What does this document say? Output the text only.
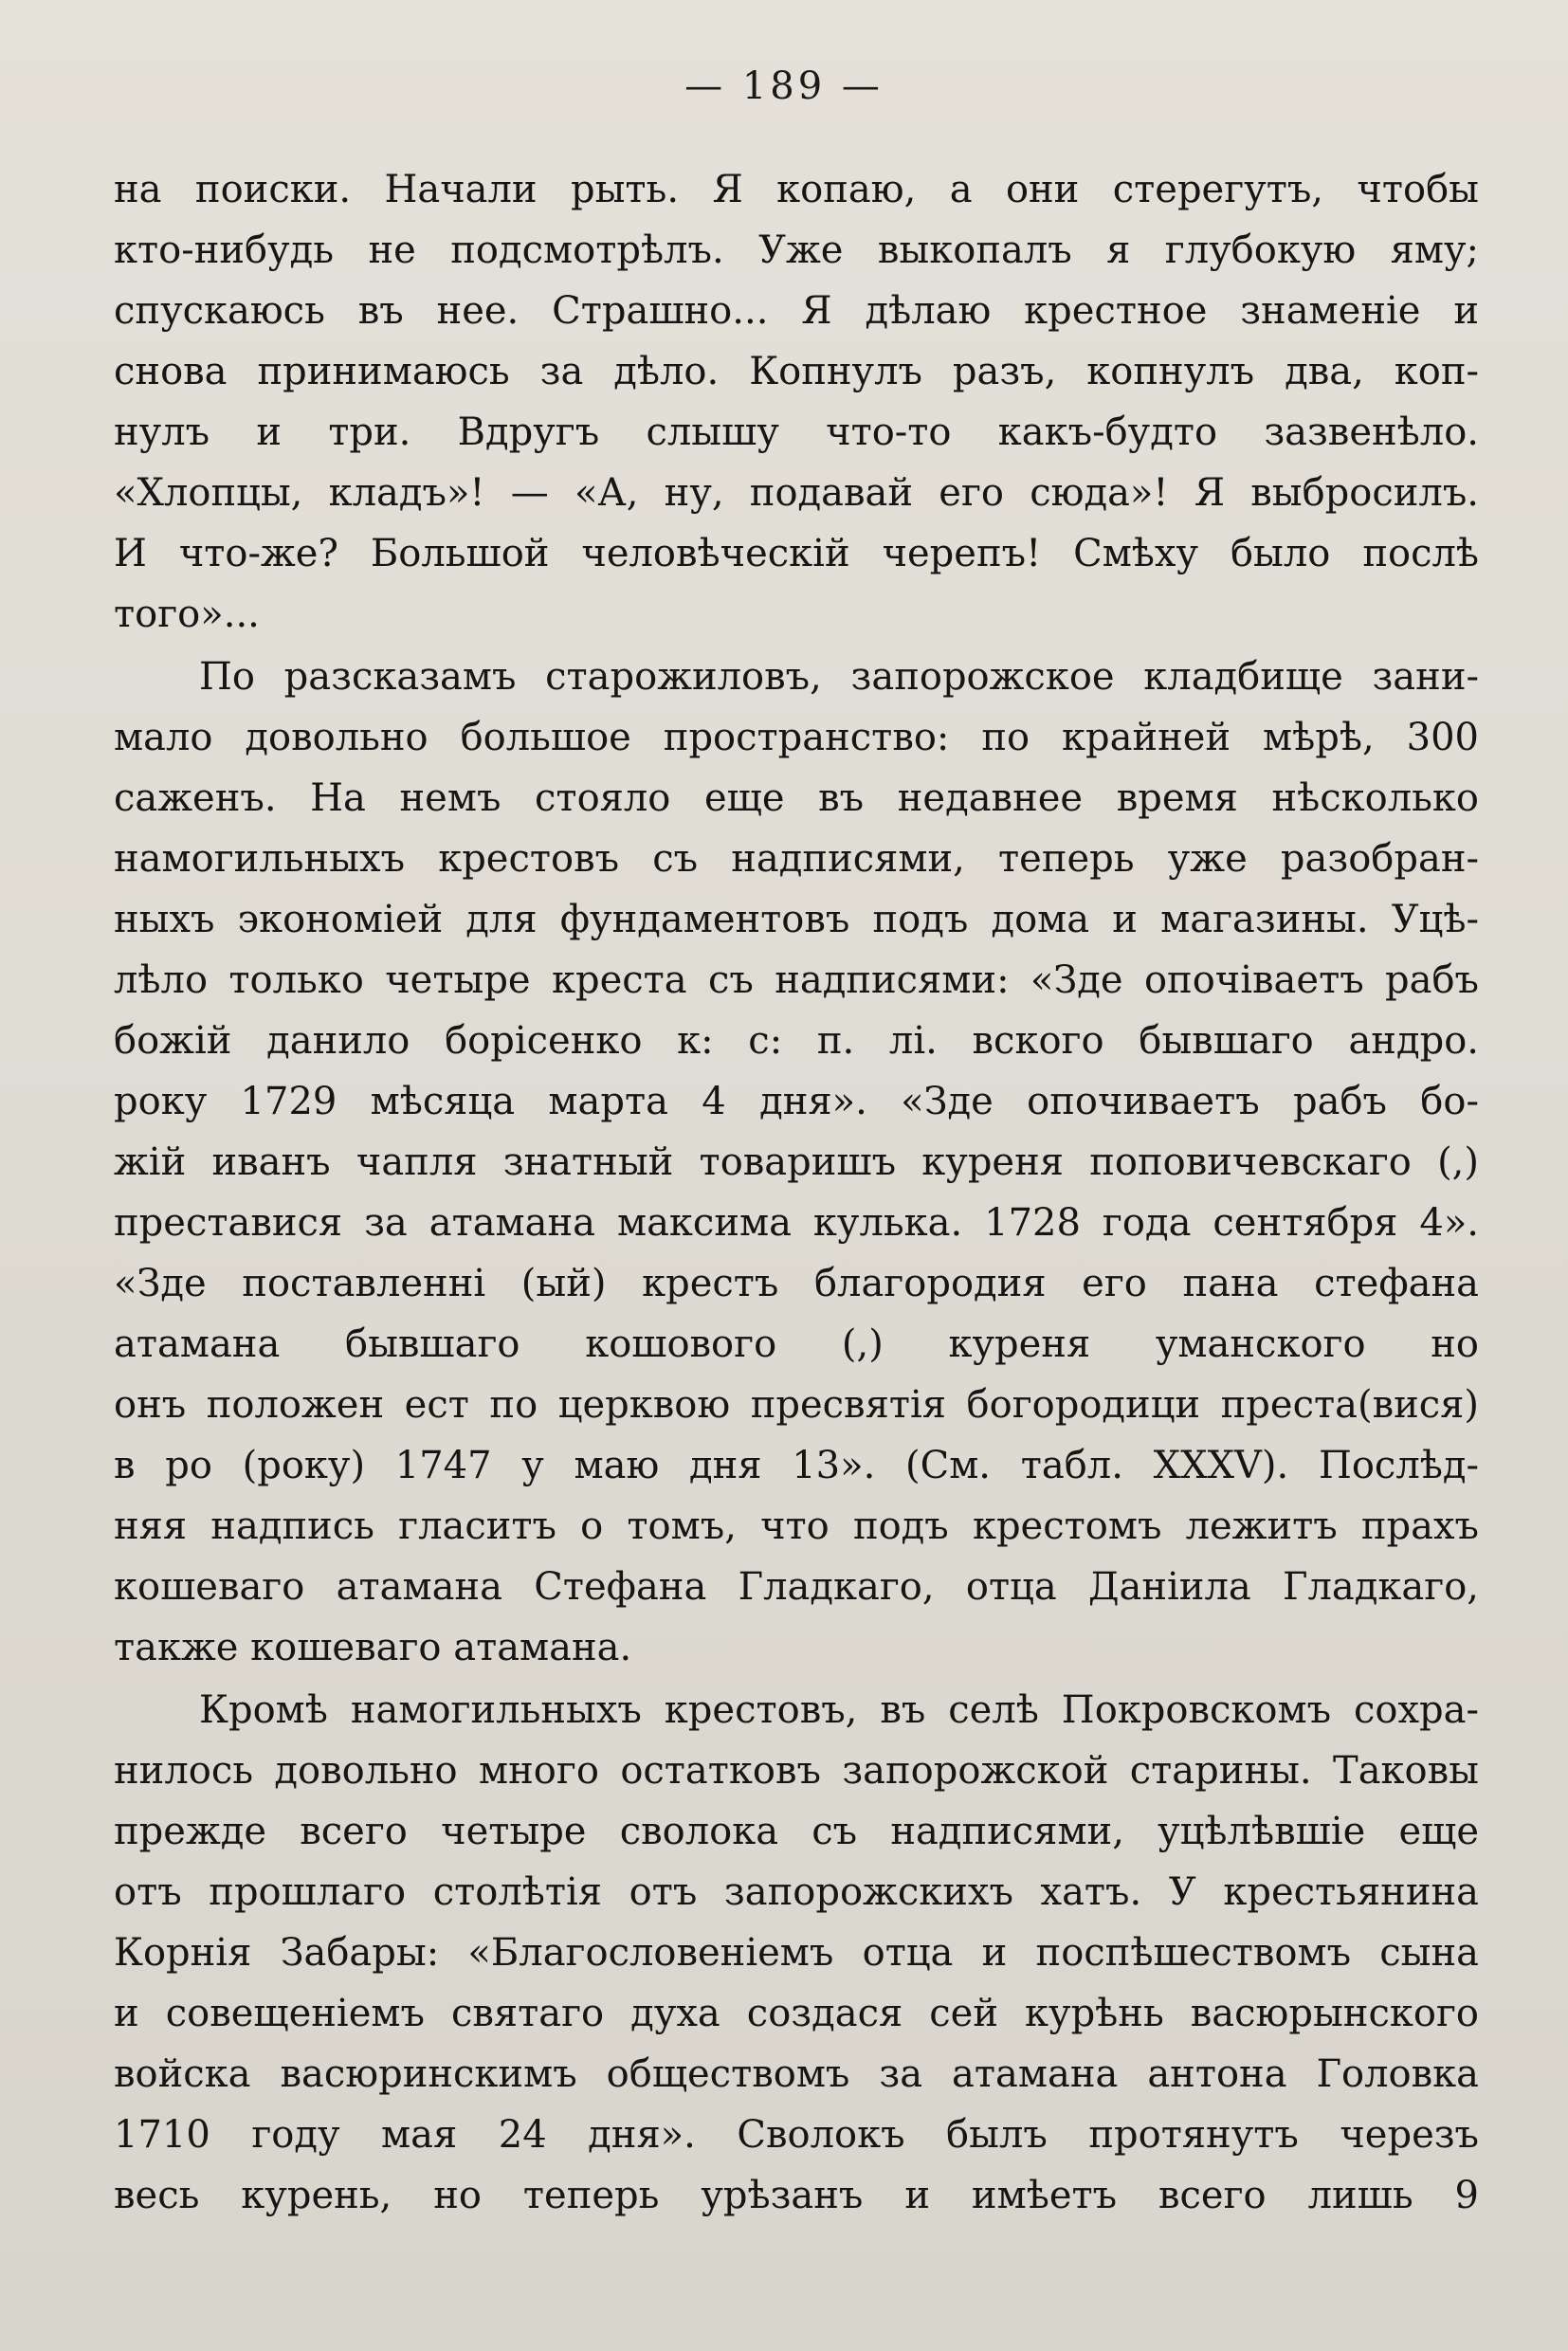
— 189 —
на поиски. Начали рыть. Я копаю, а они стерегутъ, чтобы
кто-нибудь не подсмотрѣлъ. Уже выкопалъ я глубокую яму;
спускаюсь въ нее. Страшно... Я дѣлаю крестное знаменіе и
снова принимаюсь за дѣло. Копнулъ разъ, копнулъ два, коп-
нулъ и три. Вдругъ слышу что-то какъ-будто зазвенѣло.
«Хлопцы, кладъ»! — «А, ну, подавай его сюда»! Я выбросилъ.
И что-же? Большой человѣческій черепъ! Смѣху было послѣ
того»...
По разсказамъ старожиловъ, запорожское кладбище зани-
мало довольно большое пространство: по крайней мѣрѣ, 300
саженъ. На немъ стояло еще въ недавнее время нѣсколько
намогильныхъ крестовъ съ надписями, теперь уже разобран-
ныхъ экономіей для фундаментовъ подъ дома и магазины. Уцѣ-
лѣло только четыре креста съ надписями: «Зде опочіваетъ рабъ
божій данило борісенко к: с: п. лі. вского бывшаго андро.
року 1729 мѣсяца марта 4 дня». «Зде опочиваетъ рабъ бо-
жій иванъ чапля знатный товаришъ куреня поповичевскаго (,)
преставися за атамана максима кулька. 1728 года сентября 4».
«Зде поставленні (ый) крестъ благородия его пана стефана
атамана бывшаго кошового (,) куреня уманского но
онъ положен ест по церквою пресвятія богородици преста(вися)
в ро (року) 1747 у маю дня 13». (См. табл. XXXV). Послѣд-
няя надпись гласитъ о томъ, что подъ крестомъ лежитъ прахъ
кошеваго атамана Стефана Гладкаго, отца Даніила Гладкаго,
также кошеваго атамана.
Кромѣ намогильныхъ крестовъ, въ селѣ Покровскомъ сохра-
нилось довольно много остатковъ запорожской старины. Таковы
прежде всего четыре сволока съ надписями, уцѣлѣвшіе еще
отъ прошлаго столѣтія отъ запорожскихъ хатъ. У крестьянина
Корнія Забары: «Благословеніемъ отца и поспѣшествомъ сына
и совещеніемъ святаго духа создася сей курѣнь васюрынского
войска васюринскимъ обществомъ за атамана антона Головка
1710 году мая 24 дня». Сволокъ былъ протянутъ черезъ
весь курень, но теперь урѣзанъ и имѣетъ всего лишь 9
